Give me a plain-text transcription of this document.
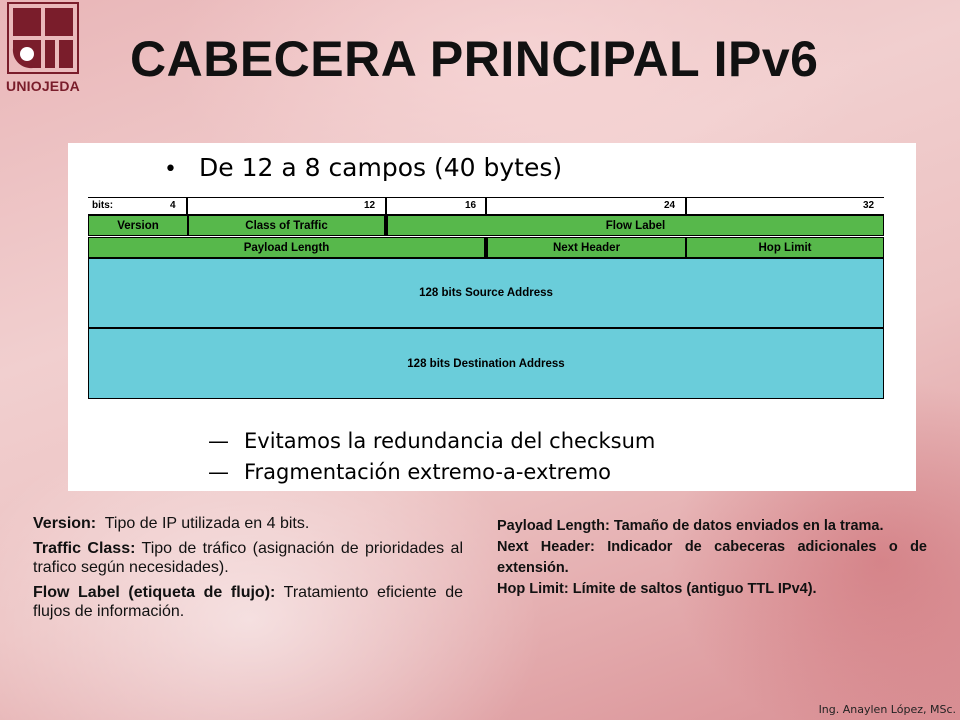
UNIOJEDA CABECERA PRINCIPAL IPv6
• De 12 a 8 campos (40 bytes)
bits:	4	12	16	24	32
Version	Class of Traffic	Flow Label
Payload Length	Next Header	Hop Limit
128 bits Source Address
128 bits Destination Address
— Evitamos la redundancia del checksum
— Fragmentación extremo-a-extremo

Version: Tipo de IP utilizada en 4 bits.

Traffic Class: Tipo de tráfico (asignación de prioridades al trafico según necesidades).

Flow Label (etiqueta de flujo): Tratamiento eficiente de flujos de información.

Payload Length: Tamaño de datos enviados en la trama.

Next Header: Indicador de cabeceras adicionales o de extensión.

Hop Limit: Límite de saltos (antiguo TTL IPv4).

Ing. Anaylen López, MSc.
